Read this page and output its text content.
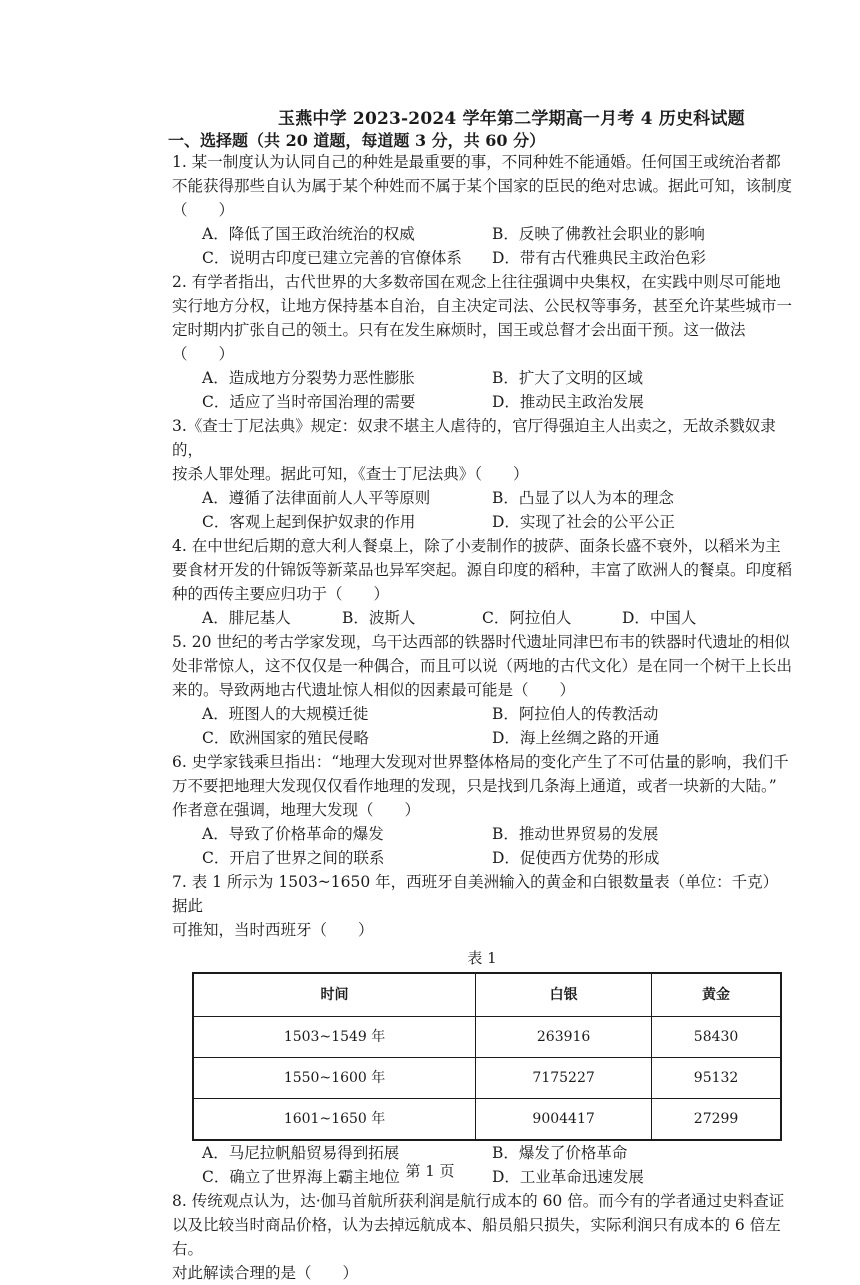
玉燕中学 2023-2024 学年第二学期高一月考 4 历史科试题
一、选择题（共 20 道题，每道题 3 分，共 60 分）

1. 某一制度认为认同自己的种姓是最重要的事，不同种姓不能通婚。任何国王或统治者都

不能获得那些自认为属于某个种姓而不属于某个国家的臣民的绝对忠诚。据此可知，该制度

（　　）

A．降低了国王政治统治的权威	B．反映了佛教社会职业的影响
C．说明古印度已建立完善的官僚体系	D．带有古代雅典民主政治色彩

2. 有学者指出，古代世界的大多数帝国在观念上往往强调中央集权，在实践中则尽可能地

实行地方分权，让地方保持基本自治，自主决定司法、公民权等事务，甚至允许某些城市一

定时期内扩张自己的领土。只有在发生麻烦时，国王或总督才会出面干预。这一做法（　　）

A．造成地方分裂势力恶性膨胀	B．扩大了文明的区域
C．适应了当时帝国治理的需要	D．推动民主政治发展

3.《查士丁尼法典》规定：奴隶不堪主人虐待的，官厅得强迫主人出卖之，无故杀戮奴隶的，

按杀人罪处理。据此可知，《查士丁尼法典》（　　）

A．遵循了法律面前人人平等原则	B．凸显了以人为本的理念
C．客观上起到保护奴隶的作用	D．实现了社会的公平公正

4. 在中世纪后期的意大利人餐桌上，除了小麦制作的披萨、面条长盛不衰外，以稻米为主

要食材开发的什锦饭等新菜品也异军突起。源自印度的稻种，丰富了欧洲人的餐桌。印度稻

种的西传主要应归功于（　　）

A．腓尼基人	B．波斯人	C．阿拉伯人	D．中国人

5. 20 世纪的考古学家发现，乌干达西部的铁器时代遗址同津巴布韦的铁器时代遗址的相似

处非常惊人，这不仅仅是一种偶合，而且可以说（两地的古代文化）是在同一个树干上长出

来的。导致两地古代遗址惊人相似的因素最可能是（　　）

A．班图人的大规模迁徙	B．阿拉伯人的传教活动
C．欧洲国家的殖民侵略	D．海上丝绸之路的开通

6. 史学家钱乘旦指出：“地理大发现对世界整体格局的变化产生了不可估量的影响，我们千

万不要把地理大发现仅仅看作地理的发现，只是找到几条海上通道，或者一块新的大陆。”

作者意在强调，地理大发现（　　）

A．导致了价格革命的爆发	B．推动世界贸易的发展
C．开启了世界之间的联系	D．促使西方优势的形成

7. 表 1 所示为 1503~1650 年，西班牙自美洲输入的黄金和白银数量表（单位：千克）据此

可推知，当时西班牙（　　）

表 1
时间	白银	黄金
1503~1549 年	263916	58430
1550~1600 年	7175227	95132
1601~1650 年	9004417	27299
A．马尼拉帆船贸易得到拓展	B．爆发了价格革命
C．确立了世界海上霸主地位	D．工业革命迅速发展

8. 传统观点认为，达·伽马首航所获利润是航行成本的 60 倍。而今有的学者通过史料查证

以及比较当时商品价格，认为去掉远航成本、船员船只损失，实际利润只有成本的 6 倍左右。

对此解读合理的是（　　）

第 1 页
